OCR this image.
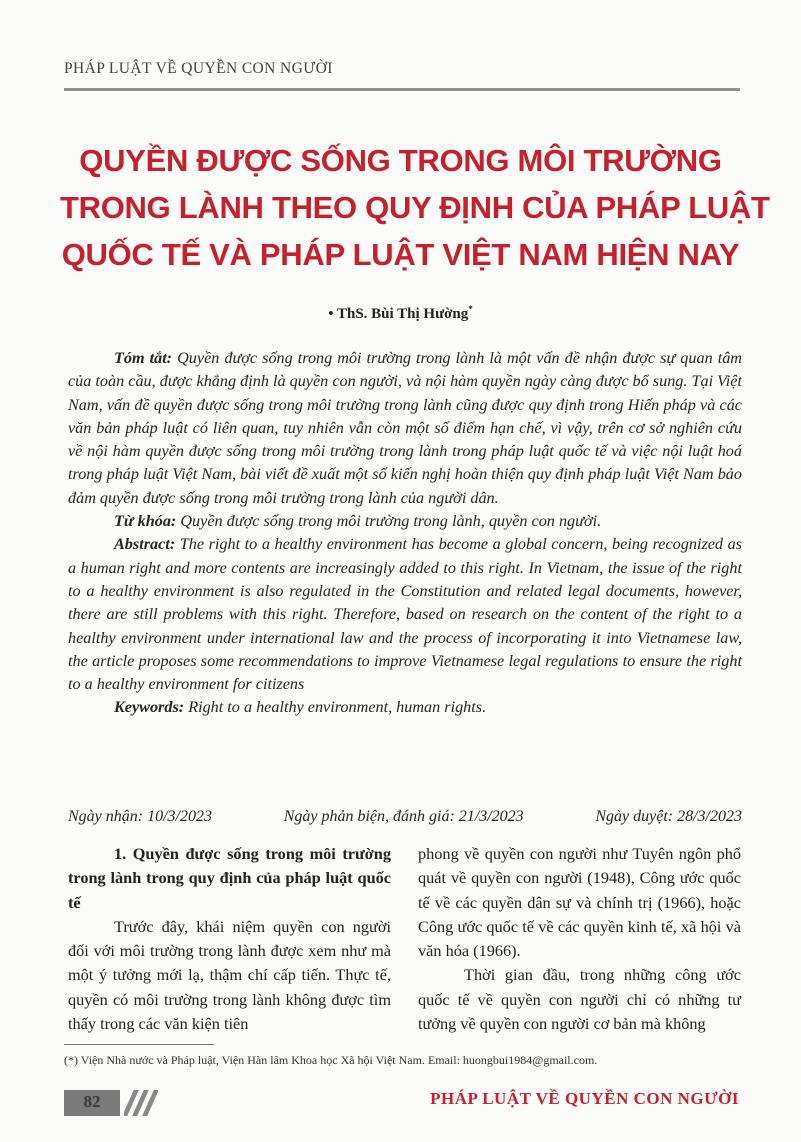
PHÁP LUẬT VỀ QUYỀN CON NGƯỜI
QUYỀN ĐƯỢC SỐNG TRONG MÔI TRƯỜNG
TRONG LÀNH THEO QUY ĐỊNH CỦA PHÁP LUẬT
QUỐC TẾ VÀ PHÁP LUẬT VIỆT NAM HIỆN NAY
• ThS. Bùi Thị Hường*

Tóm tắt: Quyền được sống trong môi trường trong lành là một vấn đề nhận được sự quan tâm của toàn cầu, được khẳng định là quyền con người, và nội hàm quyền ngày càng được bổ sung. Tại Việt Nam, vấn đề quyền được sống trong môi trường trong lành cũng được quy định trong Hiến pháp và các văn bản pháp luật có liên quan, tuy nhiên vẫn còn một số điểm hạn chế, vì vậy, trên cơ sở nghiên cứu về nội hàm quyền được sống trong môi trường trong lành trong pháp luật quốc tế và việc nội luật hoá trong pháp luật Việt Nam, bài viết đề xuất một số kiến nghị hoàn thiện quy định pháp luật Việt Nam bảo đảm quyền được sống trong môi trường trong lành của người dân.

Từ khóa: Quyền được sống trong môi trường trong lành, quyền con người.

Abstract: The right to a healthy environment has become a global concern, being recognized as a human right and more contents are increasingly added to this right. In Vietnam, the issue of the right to a healthy environment is also regulated in the Constitution and related legal documents, however, there are still problems with this right. Therefore, based on research on the content of the right to a healthy environment under international law and the process of incorporating it into Vietnamese law, the article proposes some recommendations to improve Vietnamese legal regulations to ensure the right to a healthy environment for citizens

Keywords: Right to a healthy environment, human rights.

Ngày nhận: 10/3/2023	Ngày phản biện, đánh giá: 21/3/2023	Ngày duyệt: 28/3/2023

1. Quyền được sống trong môi trường trong lành trong quy định của pháp luật quốc tế

Trước đây, khái niệm quyền con người đối với môi trường trong lành được xem như mà một ý tưởng mới lạ, thậm chí cấp tiến. Thực tế, quyền có môi trường trong lành không được tìm thấy trong các văn kiện tiên

phong về quyền con người như Tuyên ngôn phổ quát về quyền con người (1948), Công ước quốc tế về các quyền dân sự và chính trị (1966), hoặc Công ước quốc tế về các quyền kinh tế, xã hội và văn hóa (1966).

Thời gian đầu, trong những công ước quốc tế về quyền con người chỉ có những tư tưởng về quyền con người cơ bản mà không

(*) Viện Nhà nước và Pháp luật, Viện Hàn lâm Khoa học Xã hội Việt Nam. Email: huongbui1984@gmail.com.
82	PHÁP LUẬT VỀ QUYỀN CON NGƯỜI
